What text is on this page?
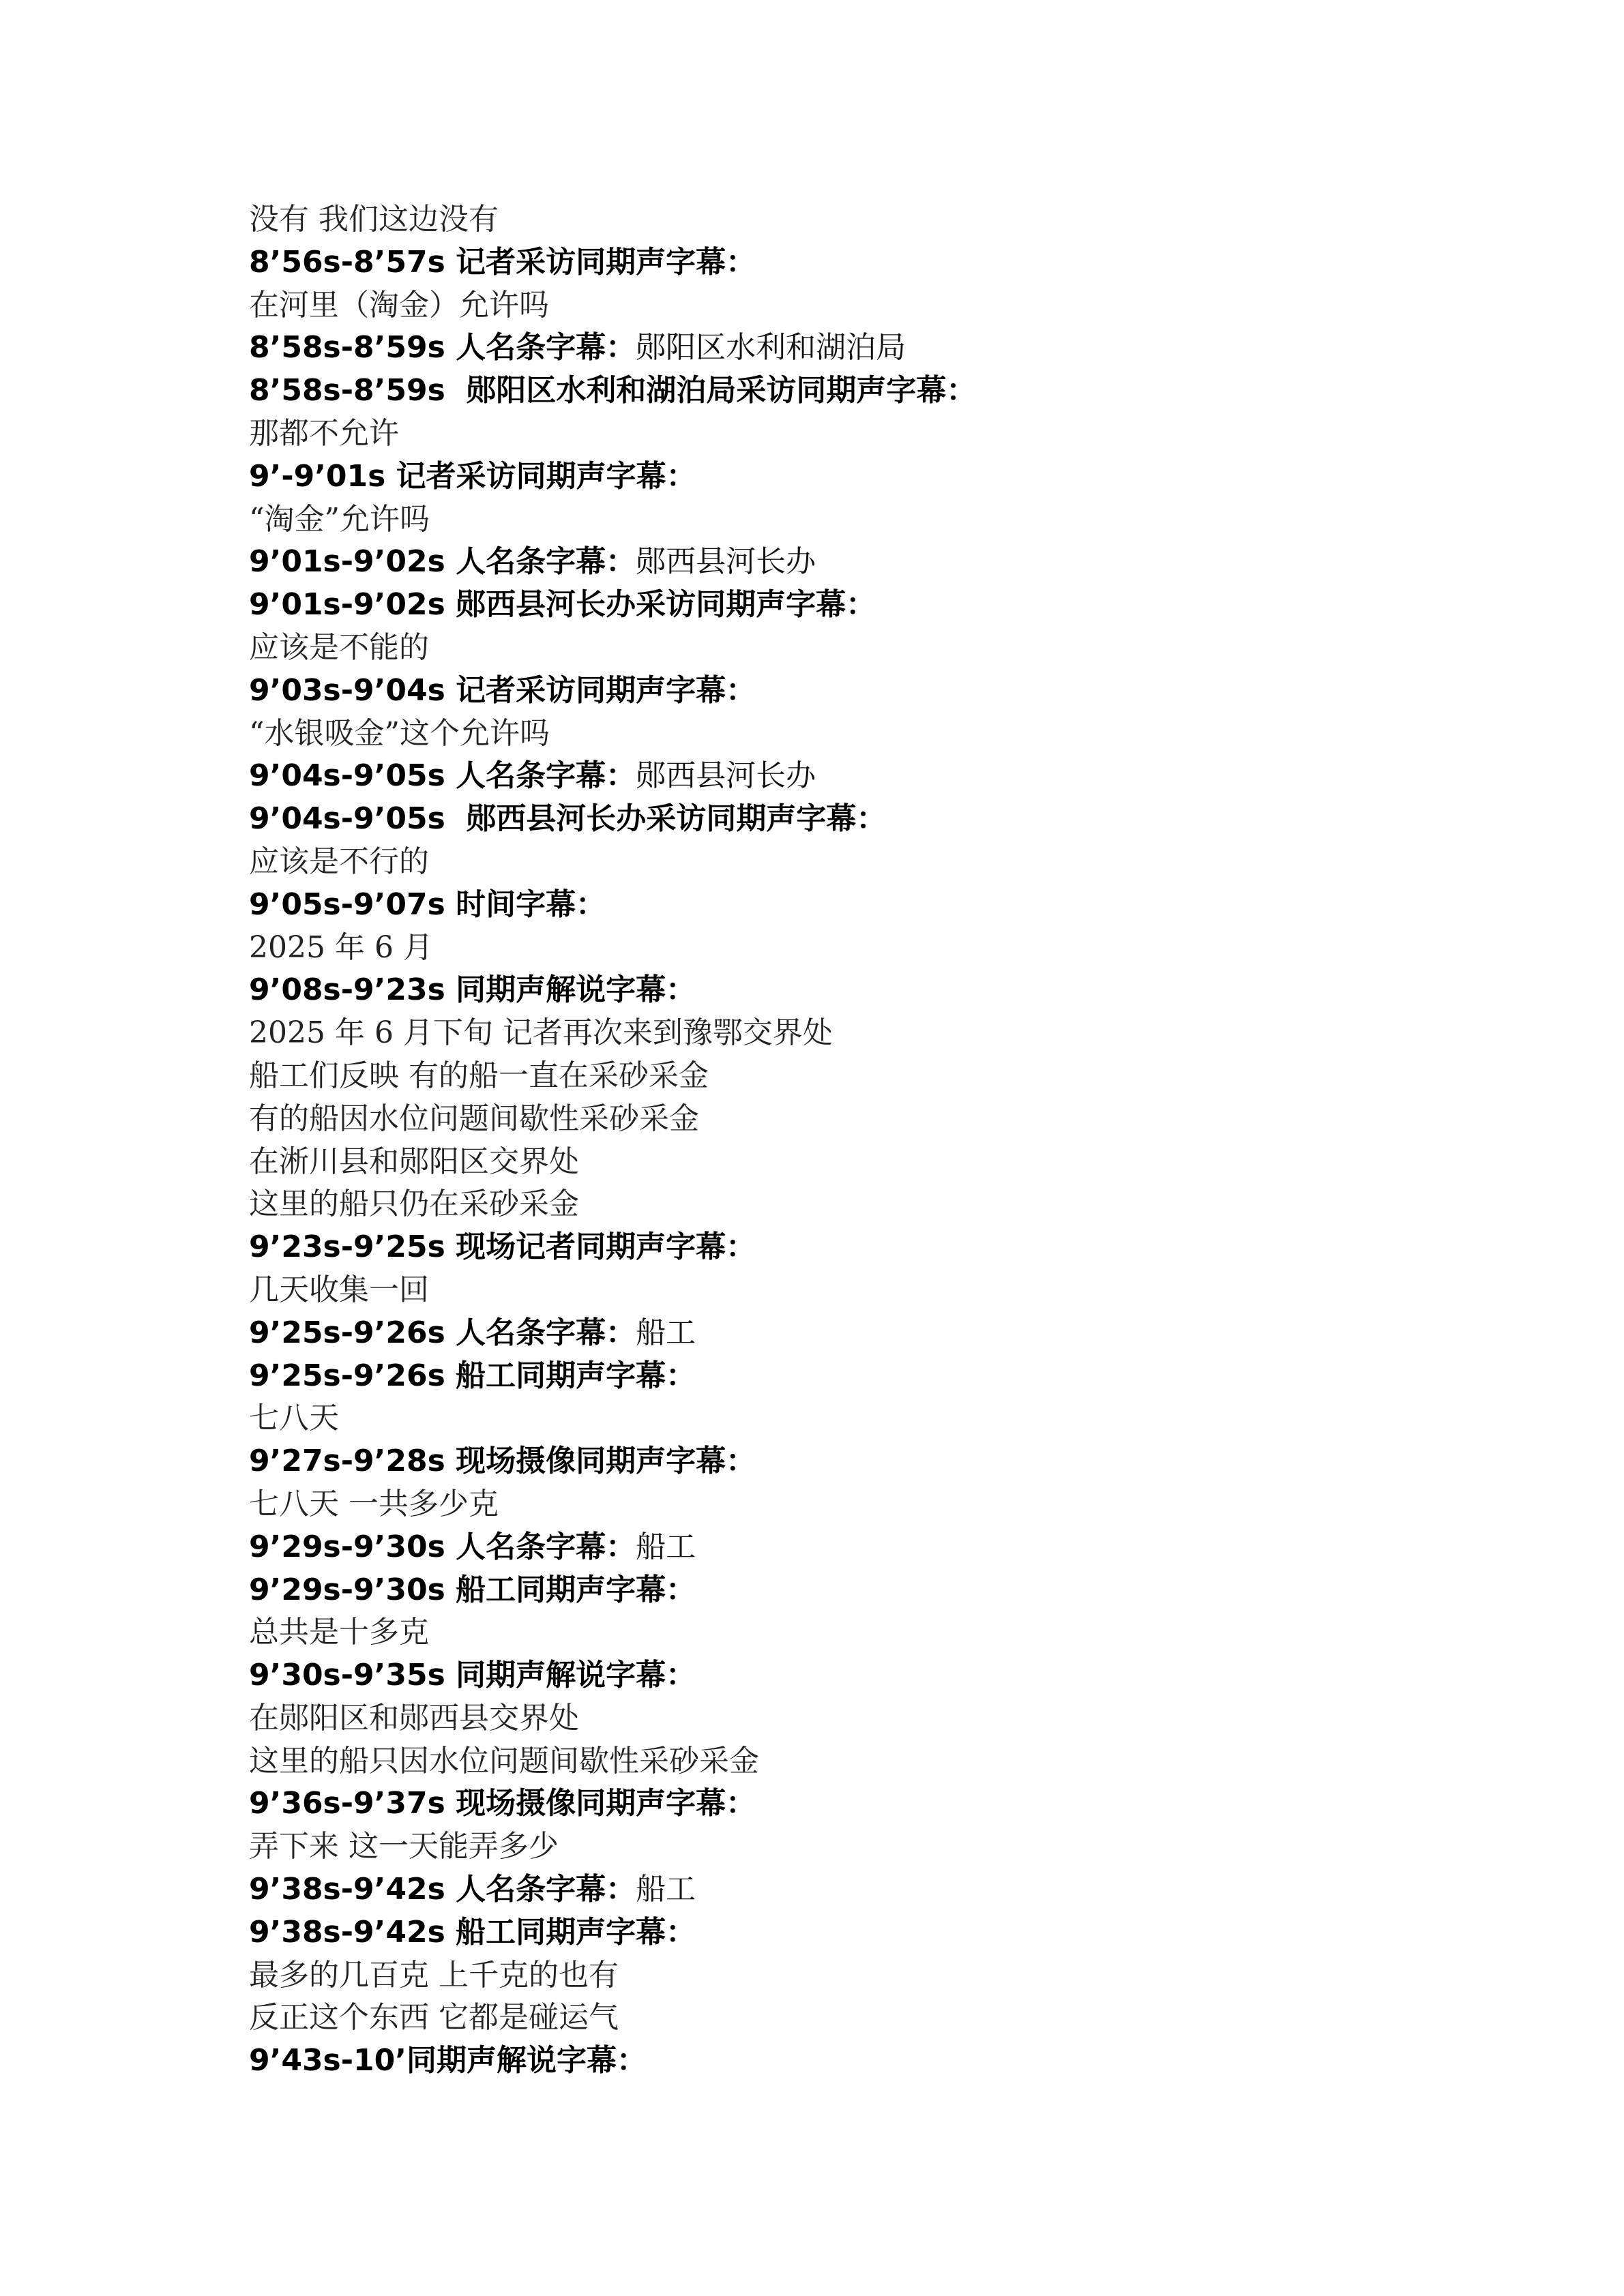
没有 我们这边没有
8’56s-8’57s 记者采访同期声字幕：
在河里（淘金）允许吗
8’58s-8’59s 人名条字幕：郧阳区水利和湖泊局
8’58s-8’59s  郧阳区水利和湖泊局采访同期声字幕：
那都不允许
9’-9’01s 记者采访同期声字幕：
“淘金”允许吗
9’01s-9’02s 人名条字幕：郧西县河长办
9’01s-9’02s 郧西县河长办采访同期声字幕：
应该是不能的
9’03s-9’04s 记者采访同期声字幕：
“水银吸金”这个允许吗
9’04s-9’05s 人名条字幕：郧西县河长办
9’04s-9’05s  郧西县河长办采访同期声字幕：
应该是不行的
9’05s-9’07s 时间字幕：
2025 年 6 月
9’08s-9’23s 同期声解说字幕：
2025 年 6 月下旬 记者再次来到豫鄂交界处
船工们反映 有的船一直在采砂采金
有的船因水位问题间歇性采砂采金
在淅川县和郧阳区交界处
这里的船只仍在采砂采金
9’23s-9’25s 现场记者同期声字幕：
几天收集一回
9’25s-9’26s 人名条字幕：船工
9’25s-9’26s 船工同期声字幕：
七八天
9’27s-9’28s 现场摄像同期声字幕：
七八天 一共多少克
9’29s-9’30s 人名条字幕：船工
9’29s-9’30s 船工同期声字幕：
总共是十多克
9’30s-9’35s 同期声解说字幕：
在郧阳区和郧西县交界处
这里的船只因水位问题间歇性采砂采金
9’36s-9’37s 现场摄像同期声字幕：
弄下来 这一天能弄多少
9’38s-9’42s 人名条字幕：船工
9’38s-9’42s 船工同期声字幕：
最多的几百克 上千克的也有
反正这个东西 它都是碰运气
9’43s-10’同期声解说字幕：
